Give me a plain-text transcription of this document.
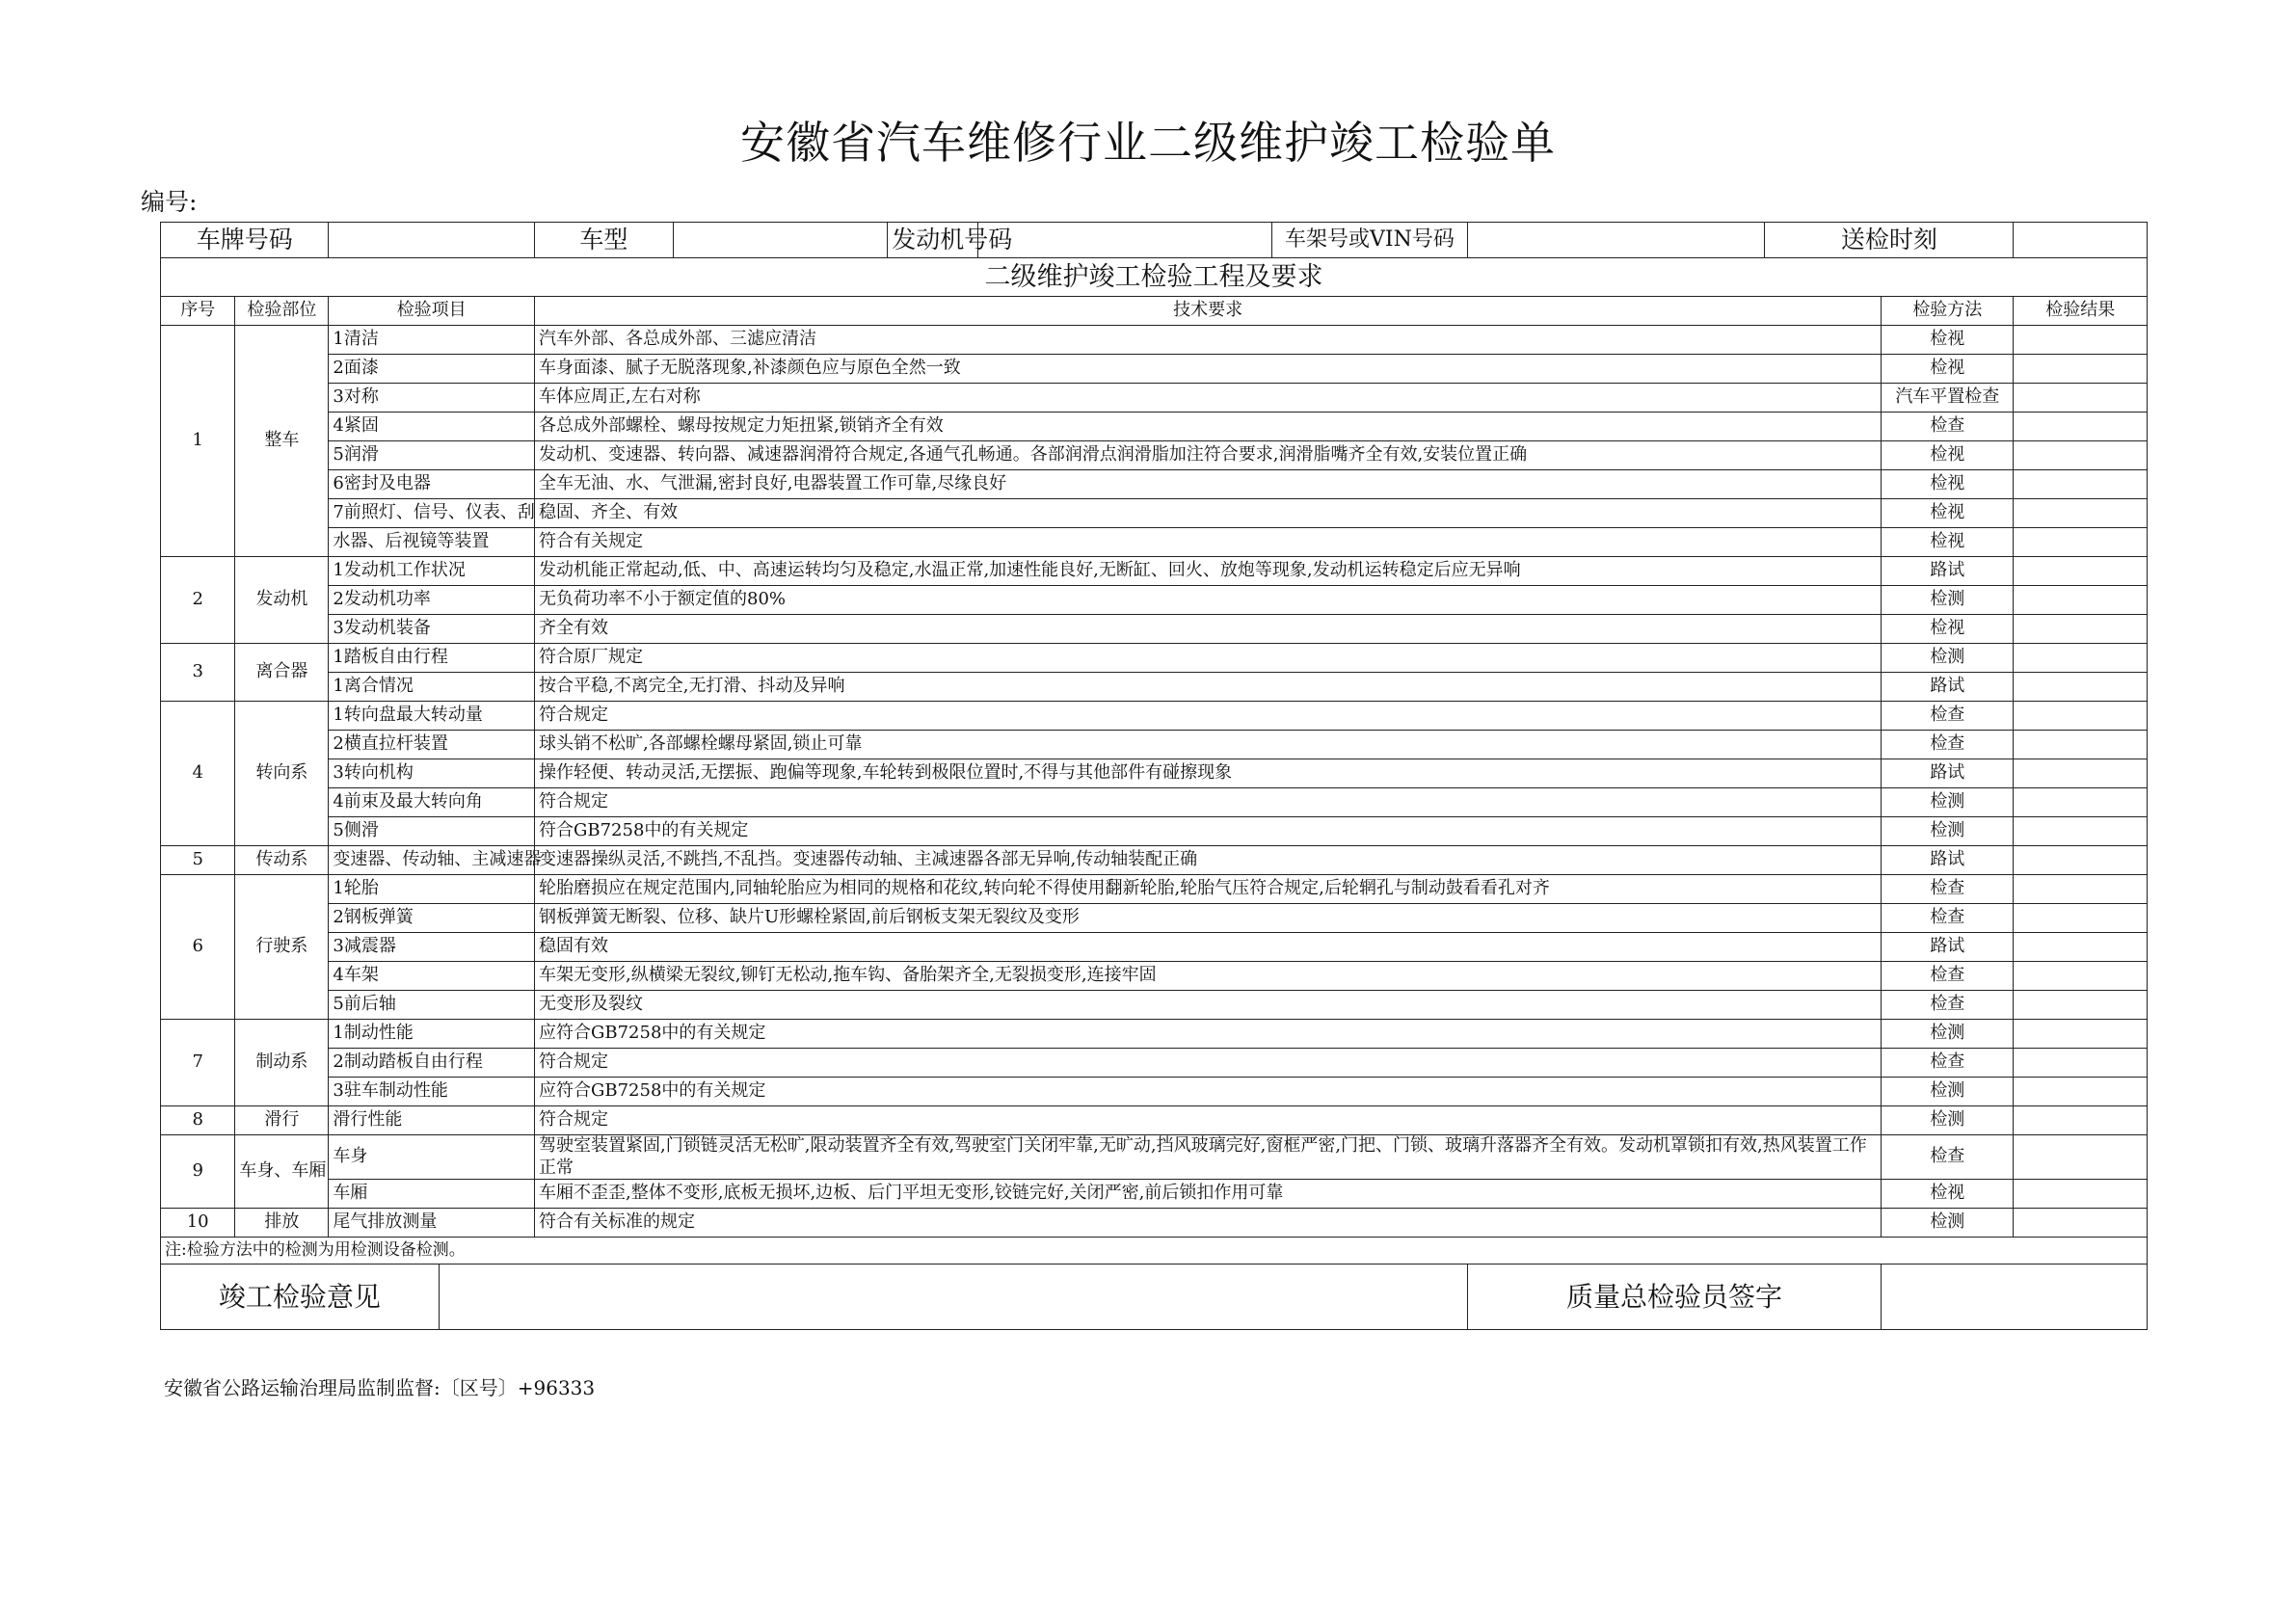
安徽省汽车维修行业二级维护竣工检验单
编号:
车牌号码				车型		发动机号码		车架号或VIN号码		送检时刻		
二级维护竣工检验工程及要求												
序号	检验部位	检验项目		技术要求							检验方法	检验结果
1	整车	1清洁		汽车外部、各总成外部、三滤应清洁							检视	
		2面漆		车身面漆、腻子无脱落现象,补漆颜色应与原色全然一致							检视	
		3对称		车体应周正,左右对称							汽车平置检查	
		4紧固		各总成外部螺栓、螺母按规定力矩扭紧,锁销齐全有效							检查	
		5润滑		发动机、变速器、转向器、减速器润滑符合规定,各通气孔畅通。各部润滑点润滑脂加注符合要求,润滑脂嘴齐全有效,安装位置正确							检视	
		6密封及电器		全车无油、水、气泄漏,密封良好,电器装置工作可靠,尽缘良好							检视	
		7前照灯、信号、仪表、刮		稳固、齐全、有效							检视	
		水器、后视镜等装置		符合有关规定							检视	
2	发动机	1发动机工作状况		发动机能正常起动,低、中、高速运转均匀及稳定,水温正常,加速性能良好,无断缸、回火、放炮等现象,发动机运转稳定后应无异响							路试	
		2发动机功率		无负荷功率不小于额定值的80%							检测	
		3发动机装备		齐全有效							检视	
3	离合器	1踏板自由行程		符合原厂规定							检测	
		1离合情况		按合平稳,不离完全,无打滑、抖动及异响							路试	
4	转向系	1转向盘最大转动量		符合规定							检查	
		2横直拉杆装置		球头销不松旷,各部螺栓螺母紧固,锁止可靠							检查	
		3转向机构		操作轻便、转动灵活,无摆振、跑偏等现象,车轮转到极限位置时,不得与其他部件有碰擦现象							路试	
		4前束及最大转向角		符合规定							检测	
		5侧滑		符合GB7258中的有关规定							检测	
5	传动系	变速器、传动轴、主减速器		变速器操纵灵活,不跳挡,不乱挡。变速器传动轴、主减速器各部无异响,传动轴装配正确							路试	
6	行驶系	1轮胎		轮胎磨损应在规定范围内,同轴轮胎应为相同的规格和花纹,转向轮不得使用翻新轮胎,轮胎气压符合规定,后轮辋孔与制动鼓看看孔对齐							检查	
		2钢板弹簧		钢板弹簧无断裂、位移、缺片U形螺栓紧固,前后钢板支架无裂纹及变形							检查	
		3减震器		稳固有效							路试	
		4车架		车架无变形,纵横梁无裂纹,铆钉无松动,拖车钩、备胎架齐全,无裂损变形,连接牢固							检查	
		5前后轴		无变形及裂纹							检查	
7	制动系	1制动性能		应符合GB7258中的有关规定							检测	
		2制动踏板自由行程		符合规定							检查	
		3驻车制动性能		应符合GB7258中的有关规定							检测	
8	滑行	滑行性能		符合规定							检测	
9	车身、车厢	车身		驾驶室装置紧固,门锁链灵活无松旷,限动装置齐全有效,驾驶室门关闭牢靠,无旷动,挡风玻璃完好,窗框严密,门把、门锁、玻璃升落器齐全有效。发动机罩锁扣有效,热风装置工作正常							检查	
		车厢		车厢不歪歪,整体不变形,底板无损坏,边板、后门平坦无变形,铰链完好,关闭严密,前后锁扣作用可靠							检视	
10	排放	尾气排放测量		符合有关标准的规定							检测	
注:检验方法中的检测为用检测设备检测。												
竣工检验意见									质量总检验员签字			
安徽省公路运输治理局监制监督:〔区号〕+96333
